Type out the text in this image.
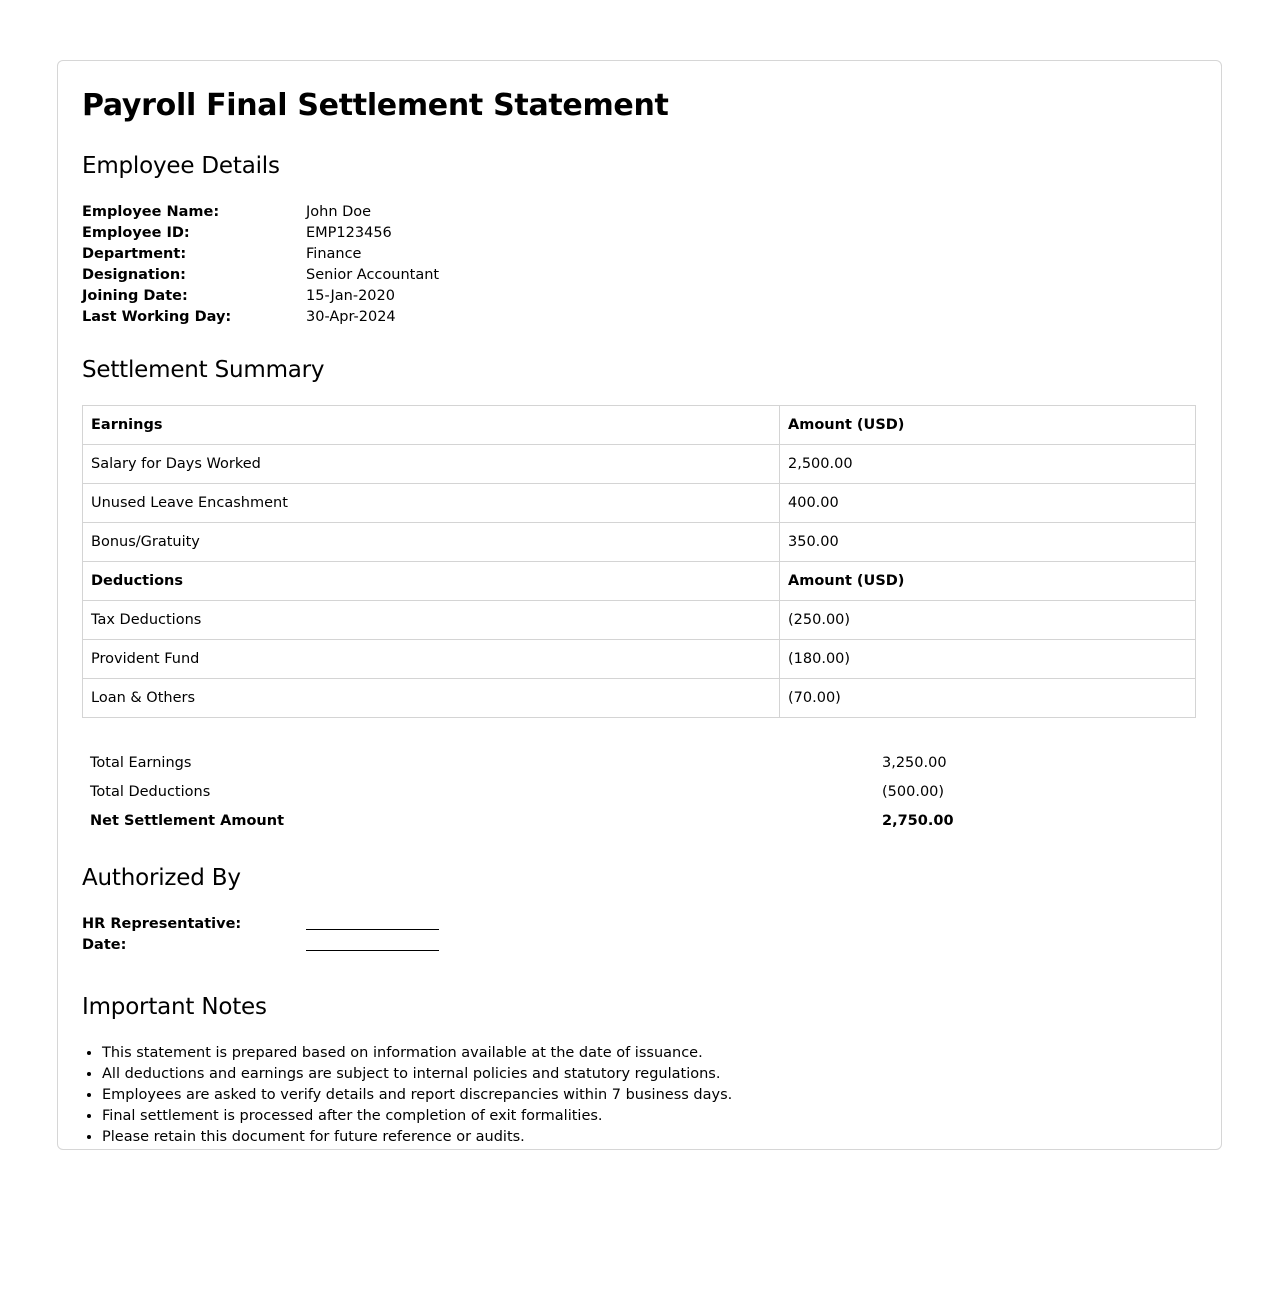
Payroll Final Settlement Statement
Employee Details
Employee Name:	John Doe
Employee ID:	EMP123456
Department:	Finance
Designation:	Senior Accountant
Joining Date:	15-Jan-2020
Last Working Day:	30-Apr-2024
Settlement Summary
Earnings	Amount (USD)
Salary for Days Worked	2,500.00
Unused Leave Encashment	400.00
Bonus/Gratuity	350.00
Deductions	Amount (USD)
Tax Deductions	(250.00)
Provident Fund	(180.00)
Loan & Others	(70.00)
Total Earnings	3,250.00
Total Deductions	(500.00)
Net Settlement Amount	2,750.00
Authorized By
HR Representative:
Date:
Important Notes
• This statement is prepared based on information available at the date of issuance.
• All deductions and earnings are subject to internal policies and statutory regulations.
• Employees are asked to verify details and report discrepancies within 7 business days.
• Final settlement is processed after the completion of exit formalities.
• Please retain this document for future reference or audits.
